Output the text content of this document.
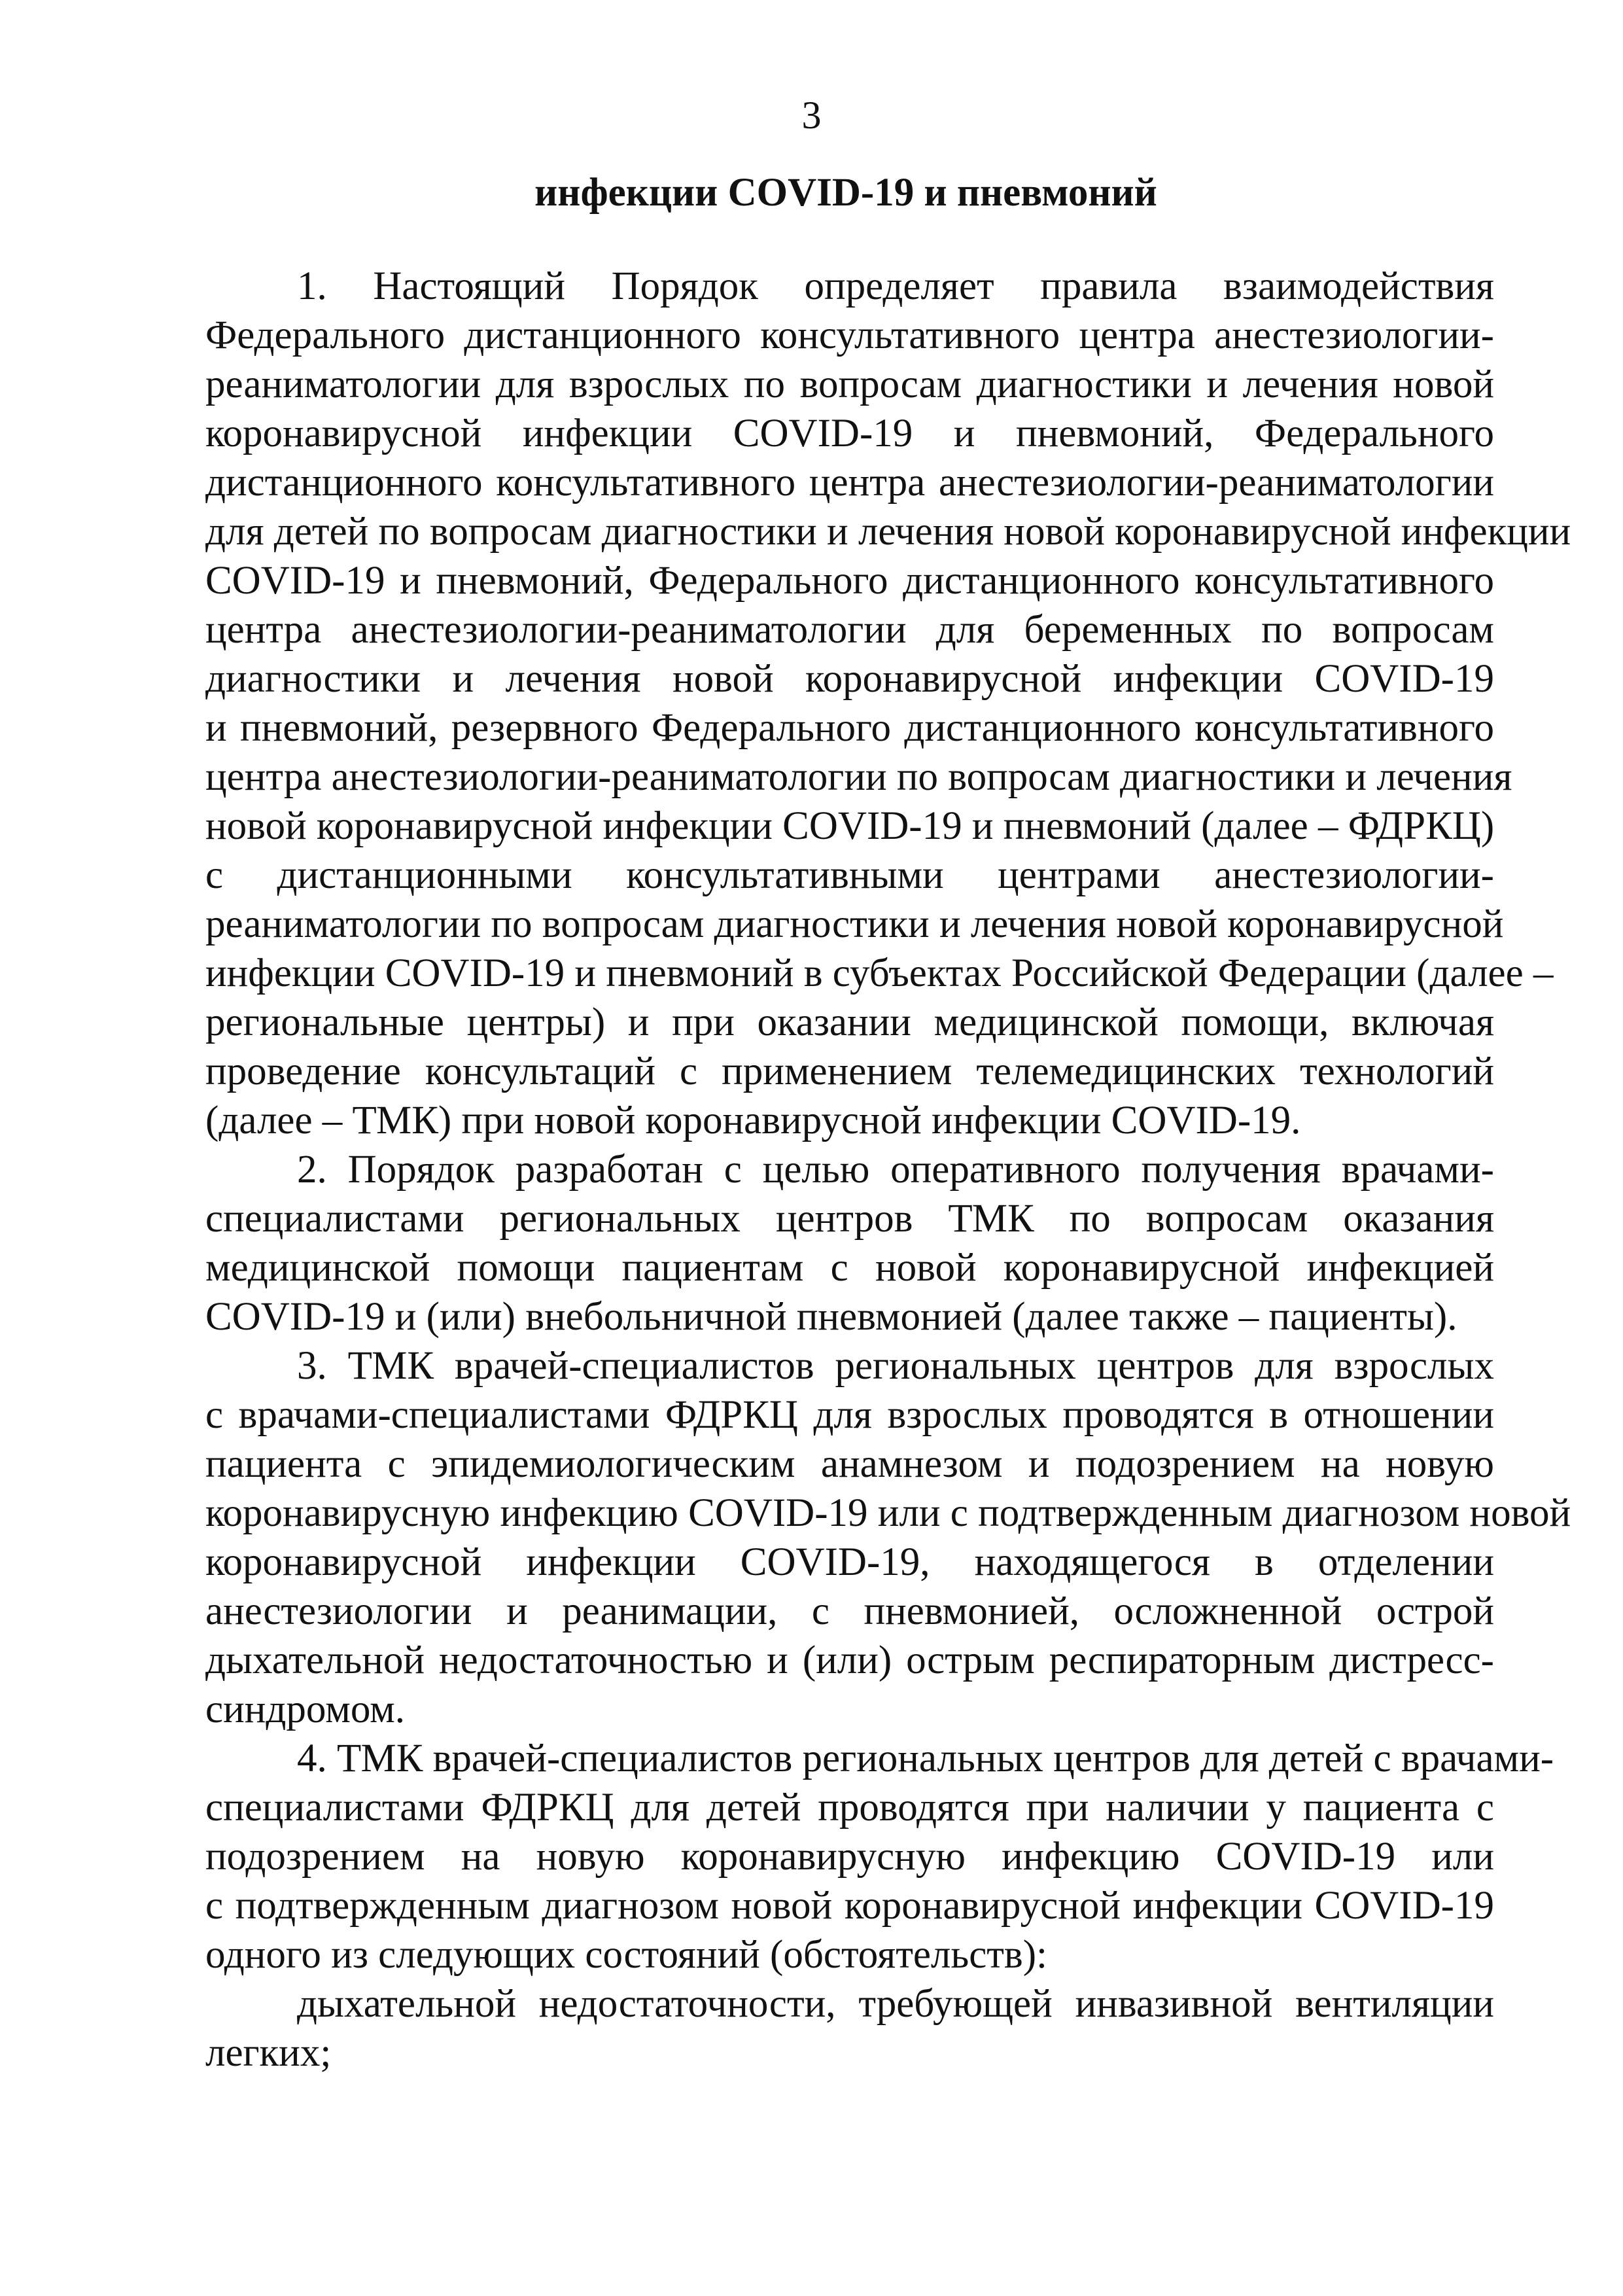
3
инфекции COVID-19 и пневмоний
1. Настоящий Порядок определяет правила взаимодействия
Федерального дистанционного консультативного центра анестезиологии-
реаниматологии для взрослых по вопросам диагностики и лечения новой
коронавирусной инфекции COVID-19 и пневмоний, Федерального
дистанционного консультативного центра анестезиологии-реаниматологии
для детей по вопросам диагностики и лечения новой коронавирусной инфекции
COVID-19 и пневмоний, Федерального дистанционного консультативного
центра анестезиологии-реаниматологии для беременных по вопросам
диагностики и лечения новой коронавирусной инфекции COVID-19
и пневмоний, резервного Федерального дистанционного консультативного
центра анестезиологии-реаниматологии по вопросам диагностики и лечения
новой коронавирусной инфекции COVID-19 и пневмоний (далее – ФДРКЦ)
с дистанционными консультативными центрами анестезиологии-
реаниматологии по вопросам диагностики и лечения новой коронавирусной
инфекции COVID-19 и пневмоний в субъектах Российской Федерации (далее –
региональные центры) и при оказании медицинской помощи, включая
проведение консультаций с применением телемедицинских технологий
(далее – ТМК) при новой коронавирусной инфекции COVID-19.
2. Порядок разработан с целью оперативного получения врачами-
специалистами региональных центров ТМК по вопросам оказания
медицинской помощи пациентам с новой коронавирусной инфекцией
COVID-19 и (или) внебольничной пневмонией (далее также – пациенты).
3. ТМК врачей-специалистов региональных центров для взрослых
с врачами-специалистами ФДРКЦ для взрослых проводятся в отношении
пациента с эпидемиологическим анамнезом и подозрением на новую
коронавирусную инфекцию COVID-19 или с подтвержденным диагнозом новой
коронавирусной инфекции COVID-19, находящегося в отделении
анестезиологии и реанимации, с пневмонией, осложненной острой
дыхательной недостаточностью и (или) острым респираторным дистресс-
синдромом.
4. ТМК врачей-специалистов региональных центров для детей с врачами-
специалистами ФДРКЦ для детей проводятся при наличии у пациента с
подозрением на новую коронавирусную инфекцию COVID-19 или
с подтвержденным диагнозом новой коронавирусной инфекции COVID-19
одного из следующих состояний (обстоятельств):
дыхательной недостаточности, требующей инвазивной вентиляции
легких;
